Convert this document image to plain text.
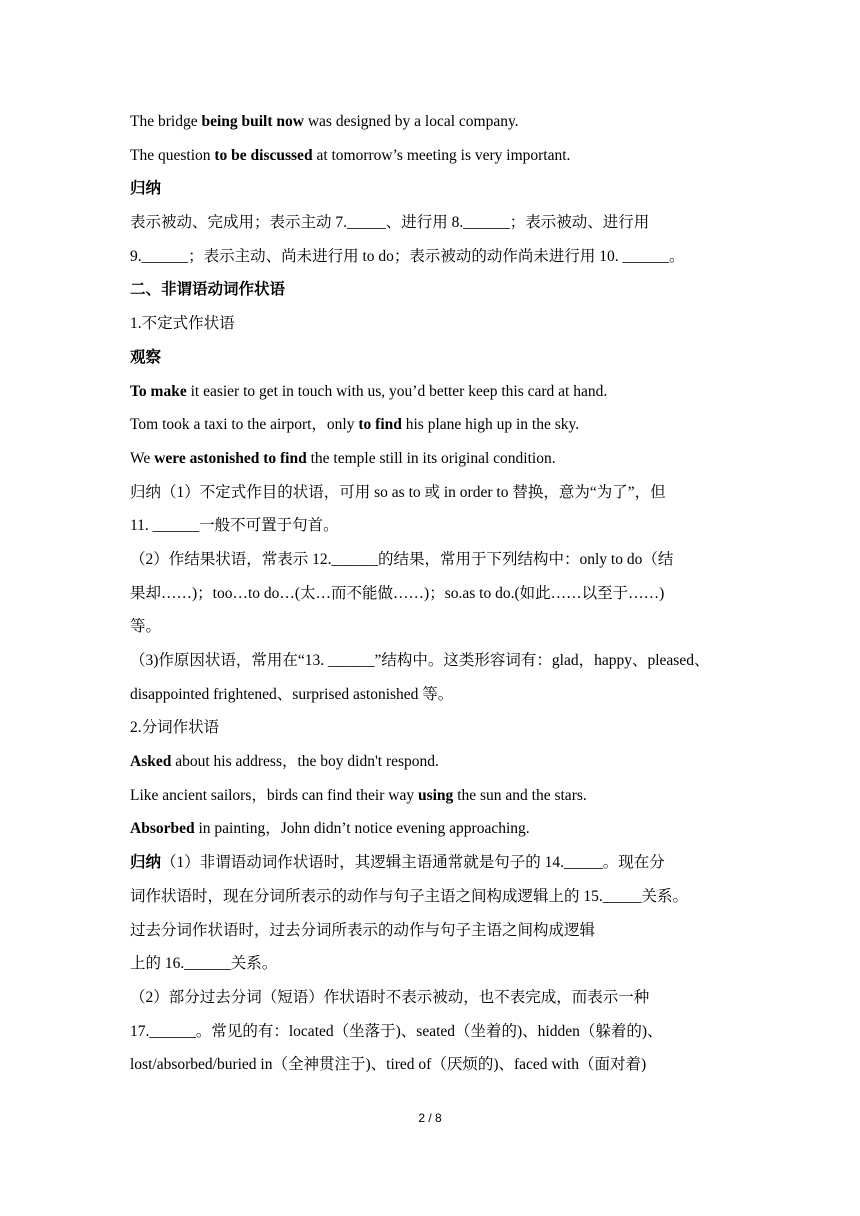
The bridge being built now was designed by a local company.
The question to be discussed at tomorrow’s meeting is very important.
归纳
表示被动、完成用；表示主动 7._____、进行用 8.______；表示被动、进行用
9.______；表示主动、尚未进行用 to do；表示被动的动作尚未进行用 10. ______。
二、非谓语动词作状语
1.不定式作状语
观察
To make it easier to get in touch with us, you’d better keep this card at hand.
Tom took a taxi to the airport，only to find his plane high up in the sky.
We were astonished to find the temple still in its original condition.
归纳（1）不定式作目的状语，可用 so as to 或 in order to 替换，意为“为了”，但
11. ______一般不可置于句首。
（2）作结果状语，常表示 12.______的结果，常用于下列结构中：only to do（结
果却……)；too…to do…(太…而不能做……)；so.as to do.(如此……以至于……)
等。
（3)作原因状语，常用在“13. ______”结构中。这类形容词有：glad，happy、pleased、
disappointed frightened、surprised astonished 等。
2.分词作状语
Asked about his address，the boy didn't respond.
Like ancient sailors，birds can find their way using the sun and the stars.
Absorbed in painting，John didn’t notice evening approaching.
归纳（1）非谓语动词作状语时，其逻辑主语通常就是句子的 14._____。现在分
词作状语时，现在分词所表示的动作与句子主语之间构成逻辑上的 15._____关系。
过去分词作状语时，过去分词所表示的动作与句子主语之间构成逻辑
上的 16.______关系。
（2）部分过去分词（短语）作状语时不表示被动，也不表完成，而表示一种
17.______。常见的有：located（坐落于)、seated（坐着的)、hidden（躲着的)、
lost/absorbed/buried in（全神贯注于)、tired of（厌烦的)、faced with（面对着)
2 / 8
